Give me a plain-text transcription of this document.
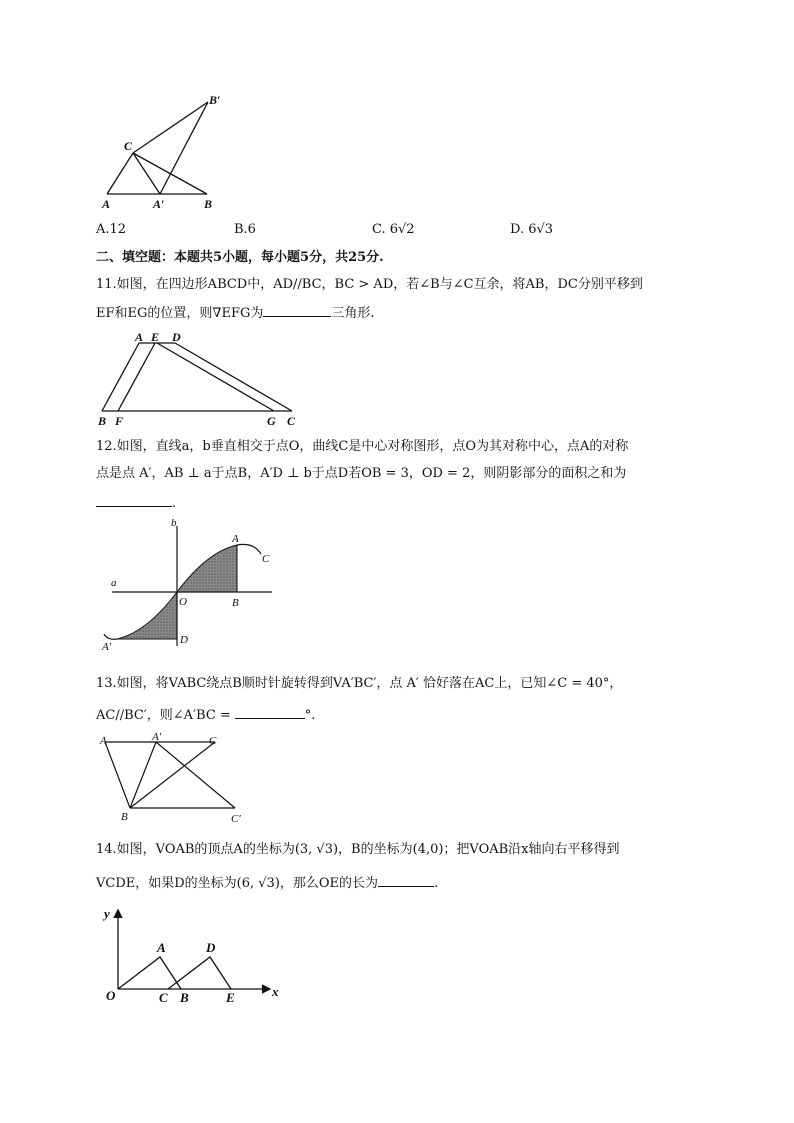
B′
C
A	A′	B
A.12	B.6	C. 6√2	D. 6√3
二、填空题：本题共5小题，每小题5分，共25分.
11.如图，在四边形ABCD中，AD//BC，BC > AD，若∠B与∠C互余，将AB，DC分别平移到
EF和EG的位置，则∇EFG为	三角形.
A E D
B F	G C
12.如图，直线a，b垂直相交于点O，曲线C是中心对称图形，点O为其对称中心，点A的对称
点是点 A′，AB ⊥ a于点B，A′D ⊥ b于点D若OB = 3，OD = 2，则阴影部分的面积之和为
.
b
a
A
C
O	B
A′
D
13.如图，将VABC绕点B顺时针旋转得到VA′BC′，点 A′ 恰好落在AC上，已知∠C = 40°，
AC//BC′，则∠A′BC =	°.
A	A′	C
B	C′
14.如图，VOAB的顶点A的坐标为(3, √3)，B的坐标为(4,0)；把VOAB沿x轴向右平移得到
VCDE，如果D的坐标为(6, √3)，那么OE的长为	.
y
x
O
A	D
C B	E
